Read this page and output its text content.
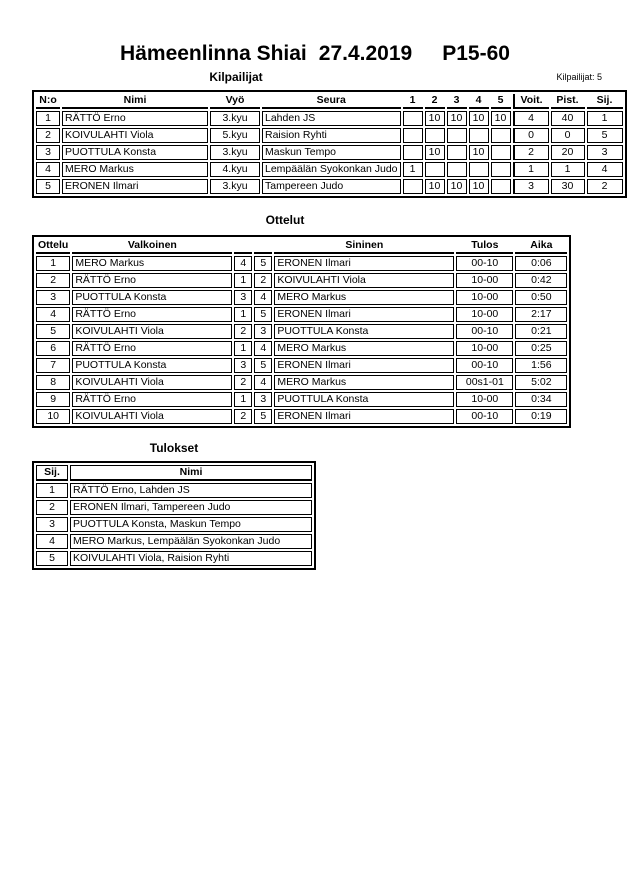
Hämeenlinna Shiai 27.4.2019 P15-60
Kilpailijat	Kilpailijat: 5
N:o	Nimi	Vyö	Seura	1	2	3	4	5	Voit.	Pist.	Sij.
1	RÄTTÖ Erno	3.kyu	Lahden JS		10	10	10	10	4	40	1
2	KOIVULAHTI Viola	5.kyu	Raision Ryhti						0	0	5
3	PUOTTULA Konsta	3.kyu	Maskun Tempo		10		10		2	20	3
4	MERO Markus	4.kyu	Lempäälän Syokonkan Judo	1					1	1	4
5	ERONEN Ilmari	3.kyu	Tampereen Judo		10	10	10		3	30	2
Ottelut
Ottelu	Valkoinen			Sininen	Tulos	Aika
1	MERO Markus	4	5	ERONEN Ilmari	00-10	0:06
2	RÄTTÖ Erno	1	2	KOIVULAHTI Viola	10-00	0:42
3	PUOTTULA Konsta	3	4	MERO Markus	10-00	0:50
4	RÄTTÖ Erno	1	5	ERONEN Ilmari	10-00	2:17
5	KOIVULAHTI Viola	2	3	PUOTTULA Konsta	00-10	0:21
6	RÄTTÖ Erno	1	4	MERO Markus	10-00	0:25
7	PUOTTULA Konsta	3	5	ERONEN Ilmari	00-10	1:56
8	KOIVULAHTI Viola	2	4	MERO Markus	00s1-01	5:02
9	RÄTTÖ Erno	1	3	PUOTTULA Konsta	10-00	0:34
10	KOIVULAHTI Viola	2	5	ERONEN Ilmari	00-10	0:19
Tulokset
Sij.	Nimi
1	RÄTTÖ Erno, Lahden JS
2	ERONEN Ilmari, Tampereen Judo
3	PUOTTULA Konsta, Maskun Tempo
4	MERO Markus, Lempäälän Syokonkan Judo
5	KOIVULAHTI Viola, Raision Ryhti
